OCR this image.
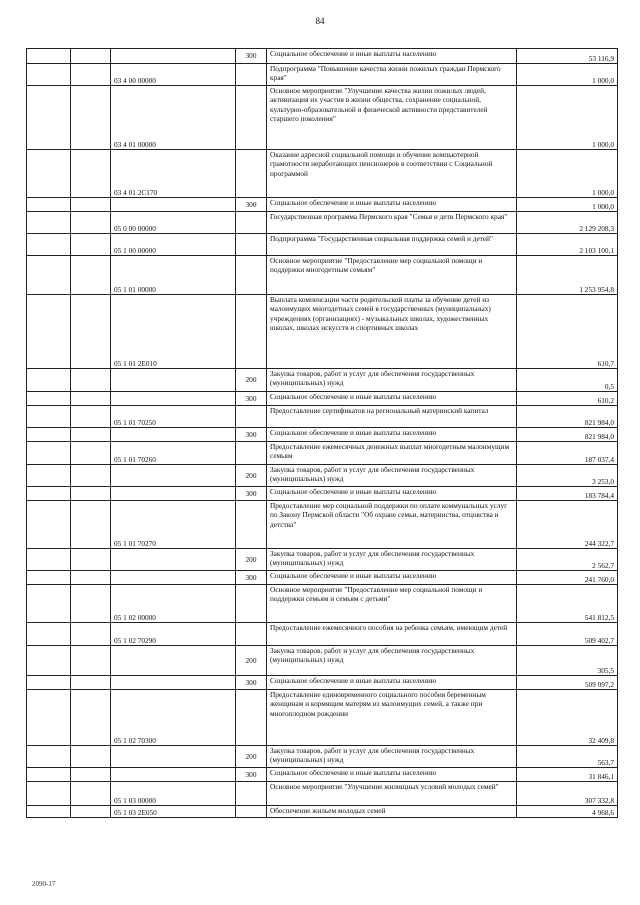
84
			300	Социальное обеспечение и иные выплаты населению	53 116,9
		03 4 00 00000		Подпрограмма "Повышение качества жизни пожилых граждан Пермского края"	1 000,0
		03 4 01 00000		Основное мероприятие "Улучшение качества жизни пожилых людей, активизация их участия в жизни общества, сохранение социальной, культурно-образовательной и физической активности представителей старшего поколения"	1 000,0
		03 4 01 2С170		Оказание адресной социальной помощи и обучение компьютерной грамотности неработающих пенсионеров в соответствии с Социальной программой	1 000,0
			300	Социальное обеспечение и иные выплаты населению	1 000,0
		05 0 00 00000		Государственная программа Пермского края "Семья и дети Пермского края"	2 129 208,3
		05 1 00 00000		Подпрограмма "Государственная социальная поддержка семей и детей"	2 103 100,1
		05 1 01 00000		Основное мероприятие "Предоставление мер социальной помощи и поддержки многодетным семьям"	1 253 954,8
		05 1 01 2Е010		Выплата компенсации части родительской платы за обучение детей из малоимущих многодетных семей в государственных (муниципальных) учреждениях (организациях) - музыкальных школах, художественных школах, школах искусств и спортивных школах	610,7
			200	Закупка товаров, работ и услуг для обеспечения государственных (муниципальных) нужд	0,5
			300	Социальное обеспечение и иные выплаты населению	610,2
		05 1 01 70250		Предоставление сертификатов на региональный материнский капитал	821 984,0
			300	Социальное обеспечение и иные выплаты населению	821 984,0
		05 1 01 70260		Предоставление ежемесячных денежных выплат многодетным малоимущим семьям	187 037,4
			200	Закупка товаров, работ и услуг для обеспечения государственных (муниципальных) нужд	3 253,0
			300	Социальное обеспечение и иные выплаты населению	183 784,4
		05 1 01 70270		Предоставление мер социальной поддержки по оплате коммунальных услуг по Закону Пермской области "Об охране семьи, материнства, отцовства и детства"	244 322,7
			200	Закупка товаров, работ и услуг для обеспечения государственных (муниципальных) нужд	2 562,7
			300	Социальное обеспечение и иные выплаты населению	241 760,0
		05 1 02 00000		Основное мероприятие "Предоставление мер социальной помощи и поддержки семьям и семьям с детьми"	541 812,5
		05 1 02 70290		Предоставление ежемесячного пособия на ребенка семьям, имеющим детей	509 402,7
			200	Закупка товаров, работ и услуг для обеспечения государственных (муниципальных) нужд	305,5
			300	Социальное обеспечение и иные выплаты населению	509 097,2
		05 1 02 70300		Предоставление единовременного социального пособия беременным женщинам и кормящим матерям из малоимущих семей, а также при многоплодном рождении	32 409,8
			200	Закупка товаров, работ и услуг для обеспечения государственных (муниципальных) нужд	563,7
			300	Социальное обеспечение и иные выплаты населению	31 846,1
		05 1 03 00000		Основное мероприятие "Улучшение жилищных условий молодых семей"	307 332,8
		05 1 03 2Е050		Обеспечение жильем молодых семей	4 968,6
2090-17
